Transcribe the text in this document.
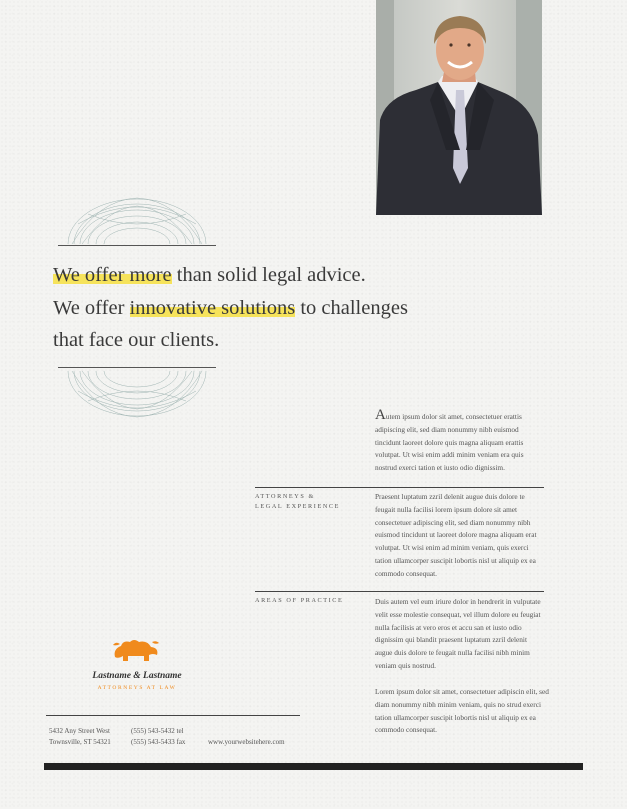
We offer more than solid legal advice.
We offer innovative solutions to challenges
that face our clients.
Autem ipsum dolor sit amet, consectetuer erattis adipiscing elit, sed diam nonummy nibh euismod tincidunt laoreet dolore quis magna aliquam erattis volutpat. Ut wisi enim addi minim veniam era quis nostrud exerci tation et iusto odio dignissim.
ATTORNEYS &
LEGAL EXPERIENCE
Praesent luptatum zzril delenit augue duis dolore te feugait nulla facilisi lorem ipsum dolore sit amet consectetuer adipiscing elit, sed diam nonummy nibh euismod tincidunt ut laoreet dolore magna aliquam erat volutpat. Ut wisi enim ad minim veniam, quis exerci tation ullamcorper suscipit lobortis nisl ut aliquip ex ea commodo consequat.
AREAS OF PRACTICE	Duis autem vel eum iriure dolor in hendrerit in vulputate velit esse molestie consequat, vel illum dolore eu feugiat nulla facilisis at vero eros et accu san et iusto odio dignissim qui blandit praesent luptatum zzril delenit augue duis dolore te feugait nulla facilisi nibh minim veniam quis nostrud.
Lorem ipsum dolor sit amet, consectetuer adipiscin elit, sed diam nonummy nibh minim veniam, quis no strud exerci tation ullamcorper suscipit lobortis nisl ut aliquip ex ea commodo consequat.
Lastname & Lastname
ATTORNEYS AT LAW
5432 Any Street West
Townsville, ST 54321
(555) 543-5432 tel
(555) 543-5433 fax	www.yourwebsitehere.com
